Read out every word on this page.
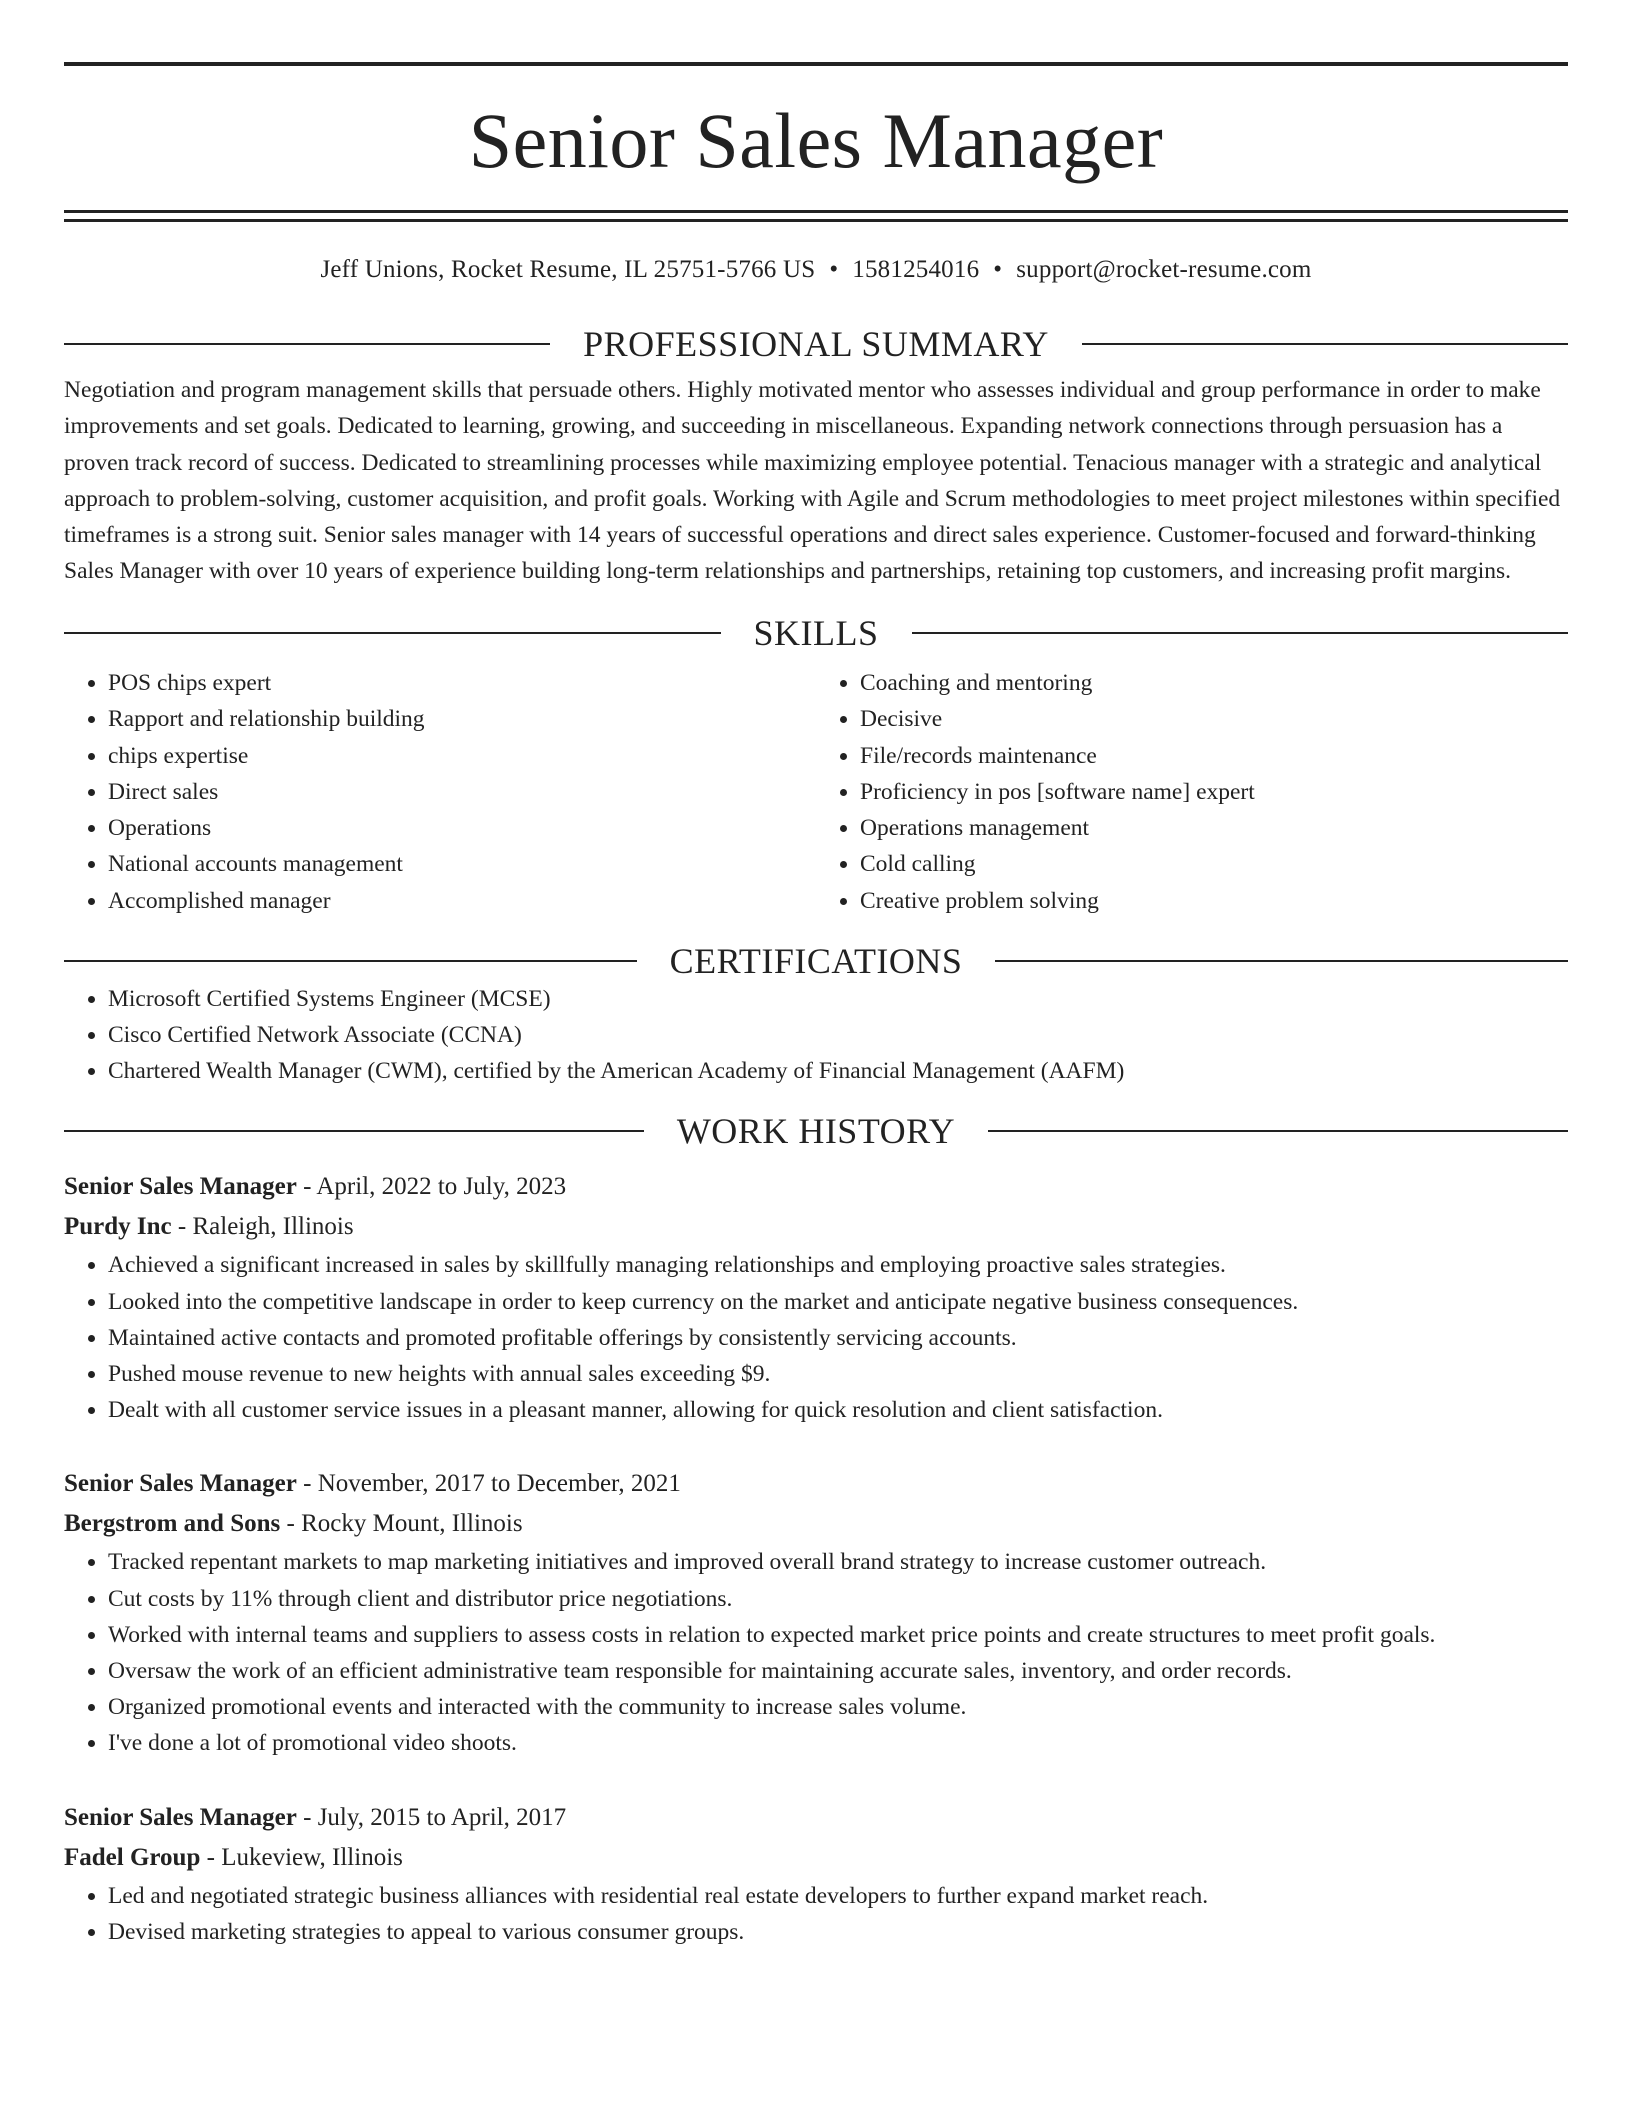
Senior Sales Manager
Jeff Unions, Rocket Resume, IL 25751-5766 US • 1581254016 • support@rocket-resume.com
PROFESSIONAL SUMMARY

Negotiation and program management skills that persuade others. Highly motivated mentor who assesses individual and group performance in order to make improvements and set goals. Dedicated to learning, growing, and succeeding in miscellaneous. Expanding network connections through persuasion has a proven track record of success. Dedicated to streamlining processes while maximizing employee potential. Tenacious manager with a strategic and analytical approach to problem-solving, customer acquisition, and profit goals. Working with Agile and Scrum methodologies to meet project milestones within specified timeframes is a strong suit. Senior sales manager with 14 years of successful operations and direct sales experience. Customer-focused and forward-thinking Sales Manager with over 10 years of experience building long-term relationships and partnerships, retaining top customers, and increasing profit margins.

SKILLS
• POS chips expert
• Rapport and relationship building
• chips expertise
• Direct sales
• Operations
• National accounts management
• Accomplished manager
• Coaching and mentoring
• Decisive
• File/records maintenance
• Proficiency in pos [software name] expert
• Operations management
• Cold calling
• Creative problem solving
CERTIFICATIONS
• Microsoft Certified Systems Engineer (MCSE)
• Cisco Certified Network Associate (CCNA)
• Chartered Wealth Manager (CWM), certified by the American Academy of Financial Management (AAFM)
WORK HISTORY
Senior Sales Manager - April, 2022 to July, 2023
Purdy Inc - Raleigh, Illinois
• Achieved a significant increased in sales by skillfully managing relationships and employing proactive sales strategies.
• Looked into the competitive landscape in order to keep currency on the market and anticipate negative business consequences.
• Maintained active contacts and promoted profitable offerings by consistently servicing accounts.
• Pushed mouse revenue to new heights with annual sales exceeding $9.
• Dealt with all customer service issues in a pleasant manner, allowing for quick resolution and client satisfaction.
Senior Sales Manager - November, 2017 to December, 2021
Bergstrom and Sons - Rocky Mount, Illinois
• Tracked repentant markets to map marketing initiatives and improved overall brand strategy to increase customer outreach.
• Cut costs by 11% through client and distributor price negotiations.
• Worked with internal teams and suppliers to assess costs in relation to expected market price points and create structures to meet profit goals.
• Oversaw the work of an efficient administrative team responsible for maintaining accurate sales, inventory, and order records.
• Organized promotional events and interacted with the community to increase sales volume.
• I've done a lot of promotional video shoots.
Senior Sales Manager - July, 2015 to April, 2017
Fadel Group - Lukeview, Illinois
• Led and negotiated strategic business alliances with residential real estate developers to further expand market reach.
• Devised marketing strategies to appeal to various consumer groups.
